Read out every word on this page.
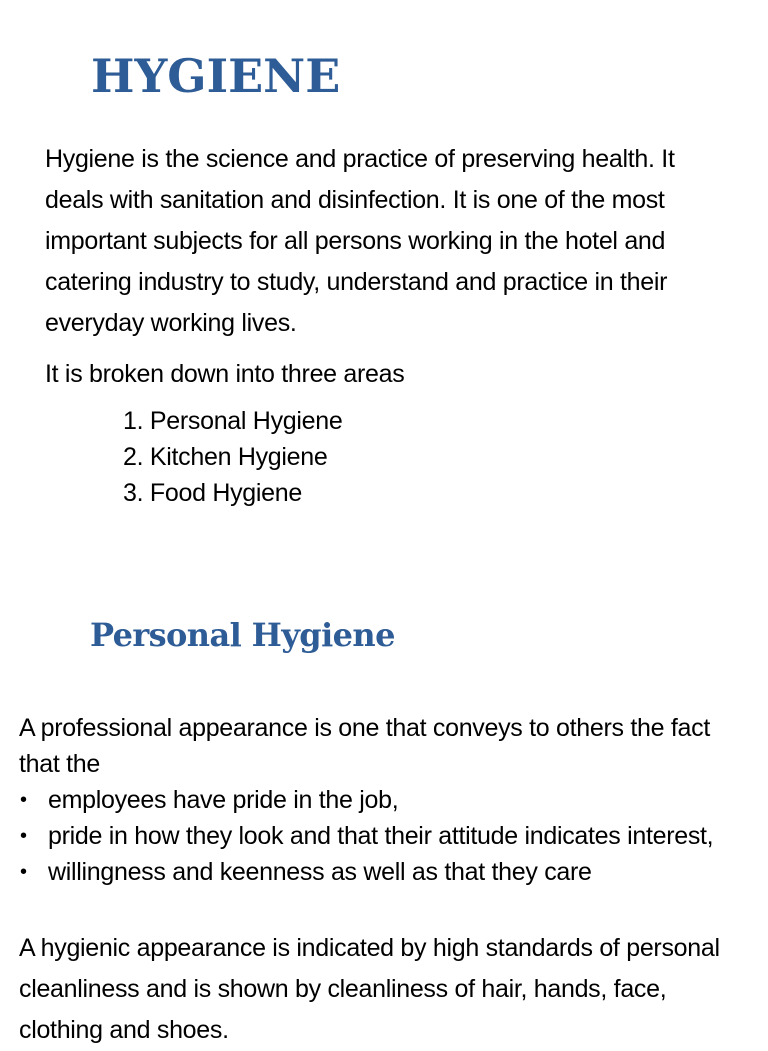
HYGIENE

Hygiene is the science and practice of preserving health. It deals with sanitation and disinfection. It is one of the most important subjects for all persons working in the hotel and catering industry to study, understand and practice in their everyday working lives.

It is broken down into three areas

1. Personal Hygiene
2. Kitchen Hygiene
3. Food Hygiene
Personal Hygiene

A professional appearance is one that conveys to others the fact that the

• employees have pride in the job,
• pride in how they look and that their attitude indicates interest,
• willingness and keenness as well as that they care

A hygienic appearance is indicated by high standards of personal cleanliness and is shown by cleanliness of hair, hands, face, clothing and shoes.
